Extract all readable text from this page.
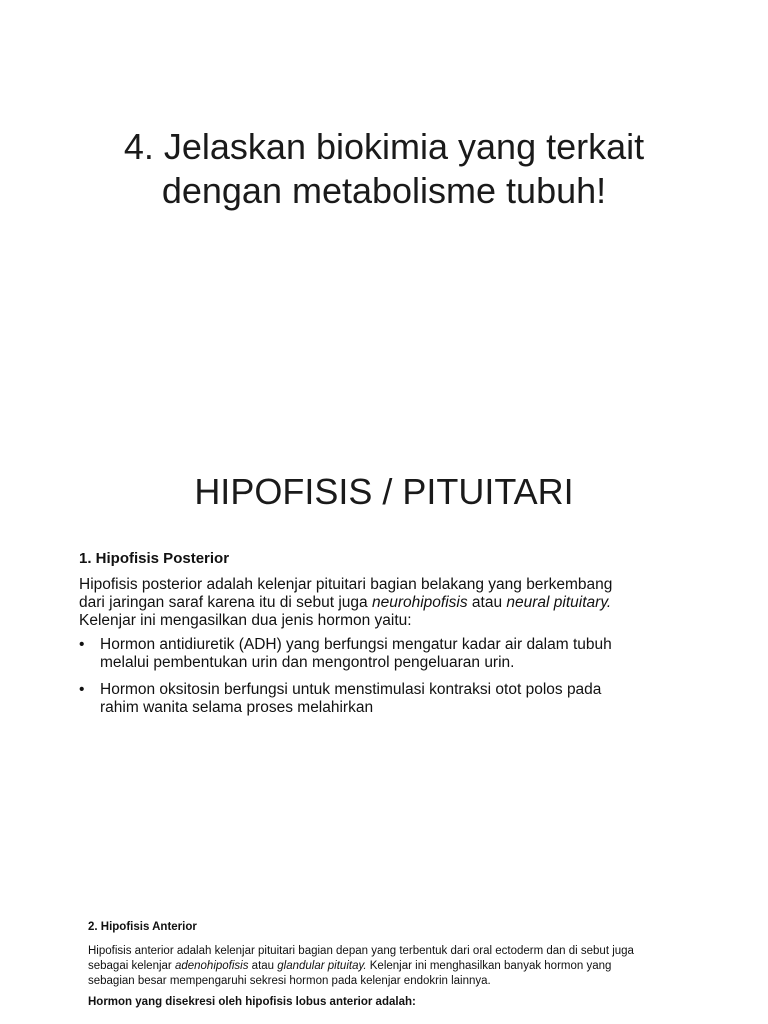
4. Jelaskan biokimia yang terkait
dengan metabolisme tubuh!
HIPOFISIS / PITUITARI

1. Hipofisis Posterior

Hipofisis posterior adalah kelenjar pituitari bagian belakang yang berkembang dari jaringan saraf karena itu di sebut juga neurohipofisis atau neural pituitary. Kelenjar ini mengasilkan dua jenis hormon yaitu:

• Hormon antidiuretik (ADH) yang berfungsi mengatur kadar air dalam tubuh melalui pembentukan urin dan mengontrol pengeluaran urin.
• Hormon oksitosin berfungsi untuk menstimulasi kontraksi otot polos pada rahim wanita selama proses melahirkan

2. Hipofisis Anterior

Hipofisis anterior adalah kelenjar pituitari bagian depan yang terbentuk dari oral ectoderm dan di sebut juga sebagai kelenjar adenohipofisis atau glandular pituitay. Kelenjar ini menghasilkan banyak hormon yang sebagian besar mempengaruhi sekresi hormon pada kelenjar endokrin lainnya.

Hormon yang disekresi oleh hipofisis lobus anterior adalah:
